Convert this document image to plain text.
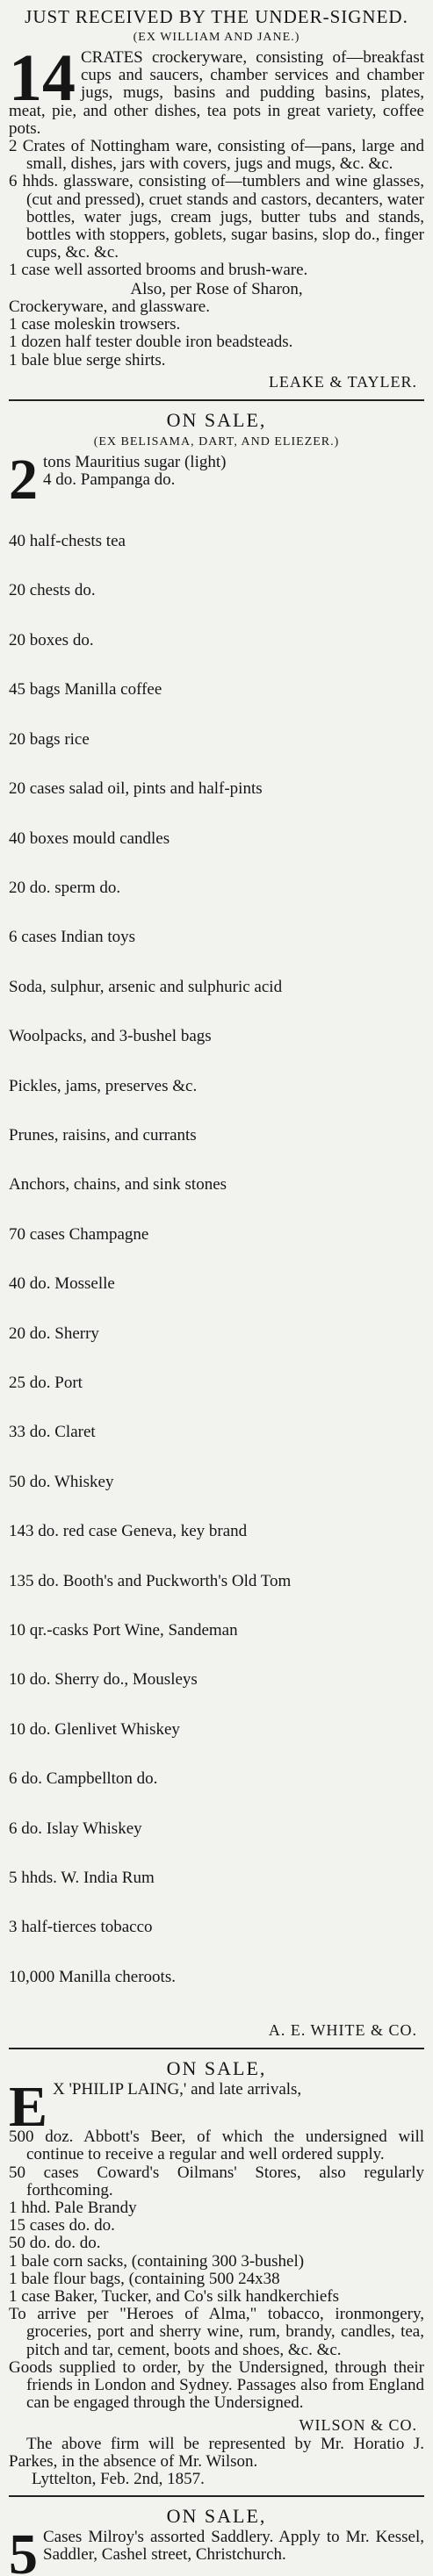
JUST RECEIVED BY THE UNDER-SIGNED.

(EX WILLIAM AND JANE.)

14 CRATES crockeryware, consisting of—breakfast cups and saucers, chamber services and chamber jugs, mugs, basins and pudding basins, plates, meat, pie, and other dishes, tea pots in great variety, coffee pots.

2 Crates of Nottingham ware, consisting of—pans, large and small, dishes, jars with covers, jugs and mugs, &c. &c.

6 hhds. glassware, consisting of—tumblers and wine glasses, (cut and pressed), cruet stands and castors, decanters, water bottles, water jugs, cream jugs, butter tubs and stands, bottles with stoppers, goblets, sugar basins, slop do., finger cups, &c. &c.

1 case well assorted brooms and brush-ware.

Also, per Rose of Sharon,

Crockeryware, and glassware.

1 case moleskin trowsers.
1 dozen half tester double iron beadsteads.
1 bale blue serge shirts.

LEAKE & TAYLER.

ON SALE,

(EX BELISAMA, DART, AND ELIEZER.)

2 tons Mauritius sugar (light)
4 do. Pampanga do.

40 half-chests tea

20 chests do.

20 boxes do.

45 bags Manilla coffee

20 bags rice

20 cases salad oil, pints and half-pints

40 boxes mould candles

20 do. sperm do.

6 cases Indian toys

Soda, sulphur, arsenic and sulphuric acid

Woolpacks, and 3-bushel bags

Pickles, jams, preserves &c.

Prunes, raisins, and currants

Anchors, chains, and sink stones

70 cases Champagne

40 do. Mosselle

20 do. Sherry

25 do. Port

33 do. Claret

50 do. Whiskey

143 do. red case Geneva, key brand

135 do. Booth's and Puckworth's Old Tom

10 qr.-casks Port Wine, Sandeman

10 do. Sherry do., Mousleys

10 do. Glenlivet Whiskey

6 do. Campbellton do.

6 do. Islay Whiskey

5 hhds. W. India Rum

3 half-tierces tobacco

10,000 Manilla cheroots.

A. E. WHITE & CO.

ON SALE,

E X 'PHILIP LAING,' and late arrivals,

500 doz. Abbott's Beer, of which the undersigned will continue to receive a regular and well ordered supply.

50 cases Coward's Oilmans' Stores, also regularly forthcoming.

1 hhd. Pale Brandy

15 cases do. do.

50 do. do. do.

1 bale corn sacks, (containing 300 3-bushel)

1 bale flour bags, (containing 500 24x38

1 case Baker, Tucker, and Co's silk handkerchiefs

To arrive per "Heroes of Alma," tobacco, ironmongery, groceries, port and sherry wine, rum, brandy, candles, tea, pitch and tar, cement, boots and shoes, &c. &c.

Goods supplied to order, by the Undersigned, through their friends in London and Sydney. Passages also from England can be engaged through the Undersigned.

WILSON & CO.

The above firm will be represented by Mr. Horatio J. Parkes, in the absence of Mr. Wilson.

Lyttelton, Feb. 2nd, 1857.

ON SALE,

5 Cases Milroy's assorted Saddlery. Apply to Mr. Kessel, Saddler, Cashel street, Christchurch.
